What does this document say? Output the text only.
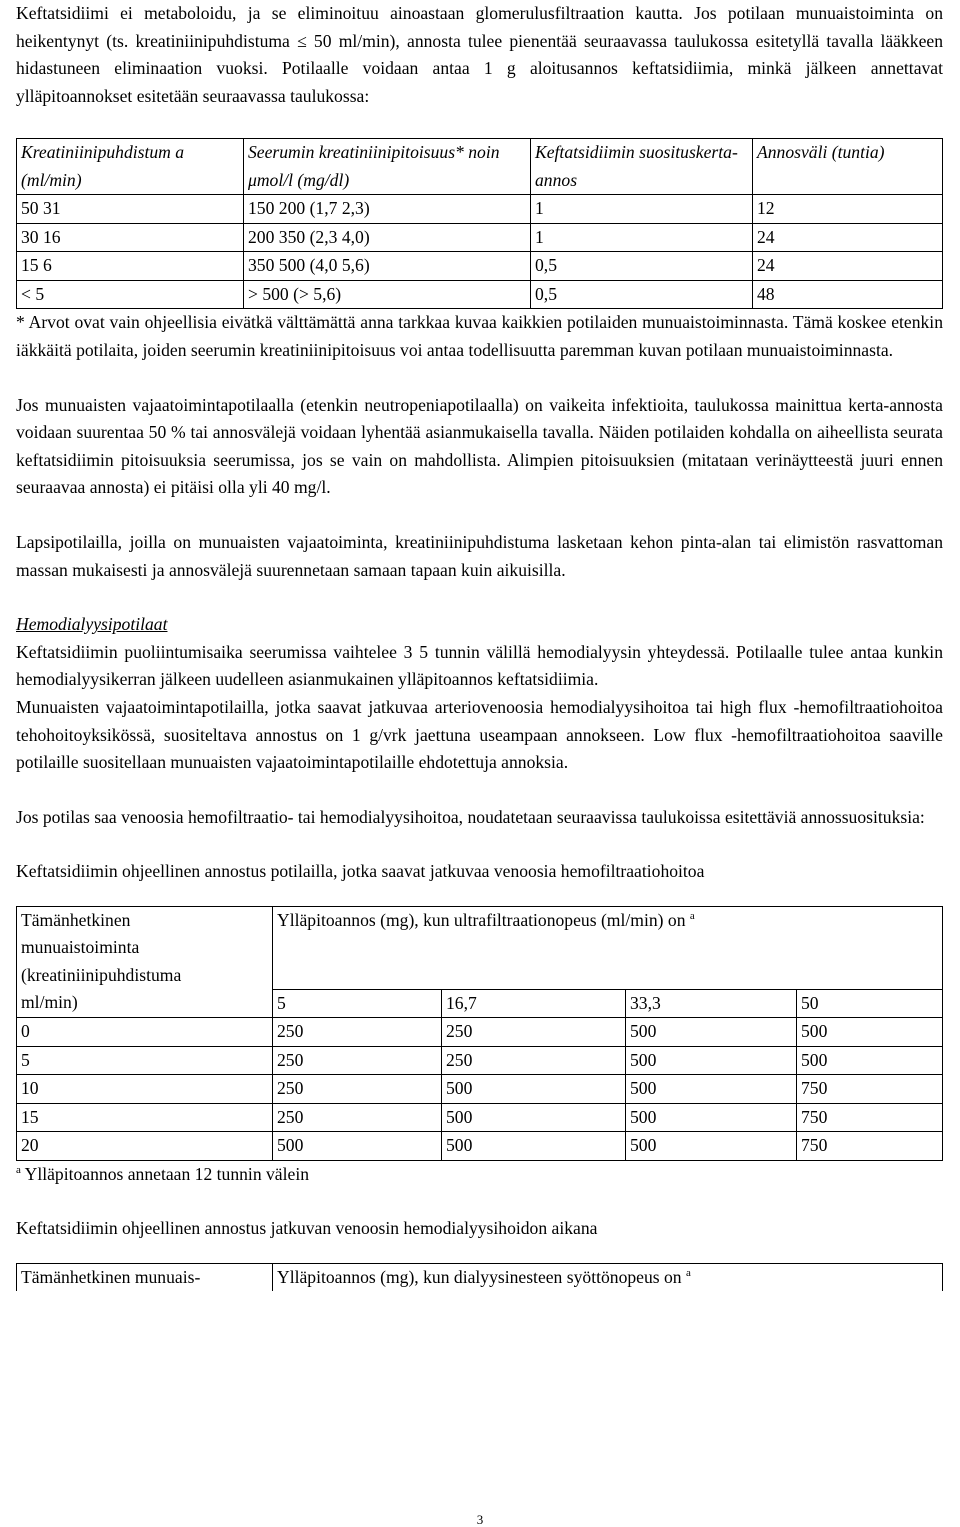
Keftatsidiimi ei metaboloidu, ja se eliminoituu ainoastaan glomerulusfiltraation kautta. Jos potilaan munuaistoiminta on heikentynyt (ts. kreatiniinipuhdistuma ≤ 50 ml/min), annosta tulee pienentää seuraavassa taulukossa esitetyllä tavalla lääkkeen hidastuneen eliminaation vuoksi. Potilaalle voidaan antaa 1 g aloitusannos keftatsidiimia, minkä jälkeen annettavat ylläpitoannokset esitetään seuraavassa taulukossa:

Kreatiniinipuhdistum a (ml/min)	Seerumin kreatiniinipitoisuus* noin μmol/l (mg/dl)	Keftatsidiimin suosituskerta-annos	Annosväli (tuntia)
50 31	150 200 (1,7 2,3)	1	12
30 16	200 350 (2,3 4,0)	1	24
15 6	350 500 (4,0 5,6)	0,5	24
< 5	> 500 (> 5,6)	0,5	48

* Arvot ovat vain ohjeellisia eivätkä välttämättä anna tarkkaa kuvaa kaikkien potilaiden munuaistoiminnasta. Tämä koskee etenkin iäkkäitä potilaita, joiden seerumin kreatiniinipitoisuus voi antaa todellisuutta paremman kuvan potilaan munuaistoiminnasta.

Jos munuaisten vajaatoimintapotilaalla (etenkin neutropeniapotilaalla) on vaikeita infektioita, taulukossa mainittua kerta-annosta voidaan suurentaa 50 % tai annosvälejä voidaan lyhentää asianmukaisella tavalla. Näiden potilaiden kohdalla on aiheellista seurata keftatsidiimin pitoisuuksia seerumissa, jos se vain on mahdollista. Alimpien pitoisuuksien (mitataan verinäytteestä juuri ennen seuraavaa annosta) ei pitäisi olla yli 40 mg/l.

Lapsipotilailla, joilla on munuaisten vajaatoiminta, kreatiniinipuhdistuma lasketaan kehon pinta-alan tai elimistön rasvattoman massan mukaisesti ja annosvälejä suurennetaan samaan tapaan kuin aikuisilla.

Hemodialyysipotilaat

Keftatsidiimin puoliintumisaika seerumissa vaihtelee 3 5 tunnin välillä hemodialyysin yhteydessä. Potilaalle tulee antaa kunkin hemodialyysikerran jälkeen uudelleen asianmukainen ylläpitoannos keftatsidiimia.

Munuaisten vajaatoimintapotilailla, jotka saavat jatkuvaa arteriovenoosia hemodialyysihoitoa tai high flux -hemofiltraatiohoitoa tehohoitoyksikössä, suositeltava annostus on 1 g/vrk jaettuna useampaan annokseen. Low flux -hemofiltraatiohoitoa saaville potilaille suositellaan munuaisten vajaatoimintapotilaille ehdotettuja annoksia.

Jos potilas saa venoosia hemofiltraatio- tai hemodialyysihoitoa, noudatetaan seuraavissa taulukoissa esitettäviä annossuosituksia:

Keftatsidiimin ohjeellinen annostus potilailla, jotka saavat jatkuvaa venoosia hemofiltraatiohoitoa

Tämänhetkinen munuaistoiminta (kreatiniinipuhdistuma ml/min)	Ylläpitoannos (mg), kun ultrafiltraationopeus (ml/min) on $^a$
	5	16,7	33,3	50
0	250	250	500	500
5	250	250	500	500
10	250	500	500	750
15	250	500	500	750
20	500	500	500	750

$^a$ Ylläpitoannos annetaan 12 tunnin välein

Keftatsidiimin ohjeellinen annostus jatkuvan venoosin hemodialyysihoidon aikana

Tämänhetkinen munuais-	Ylläpitoannos (mg), kun dialyysinesteen syöttönopeus on $^a$
3
